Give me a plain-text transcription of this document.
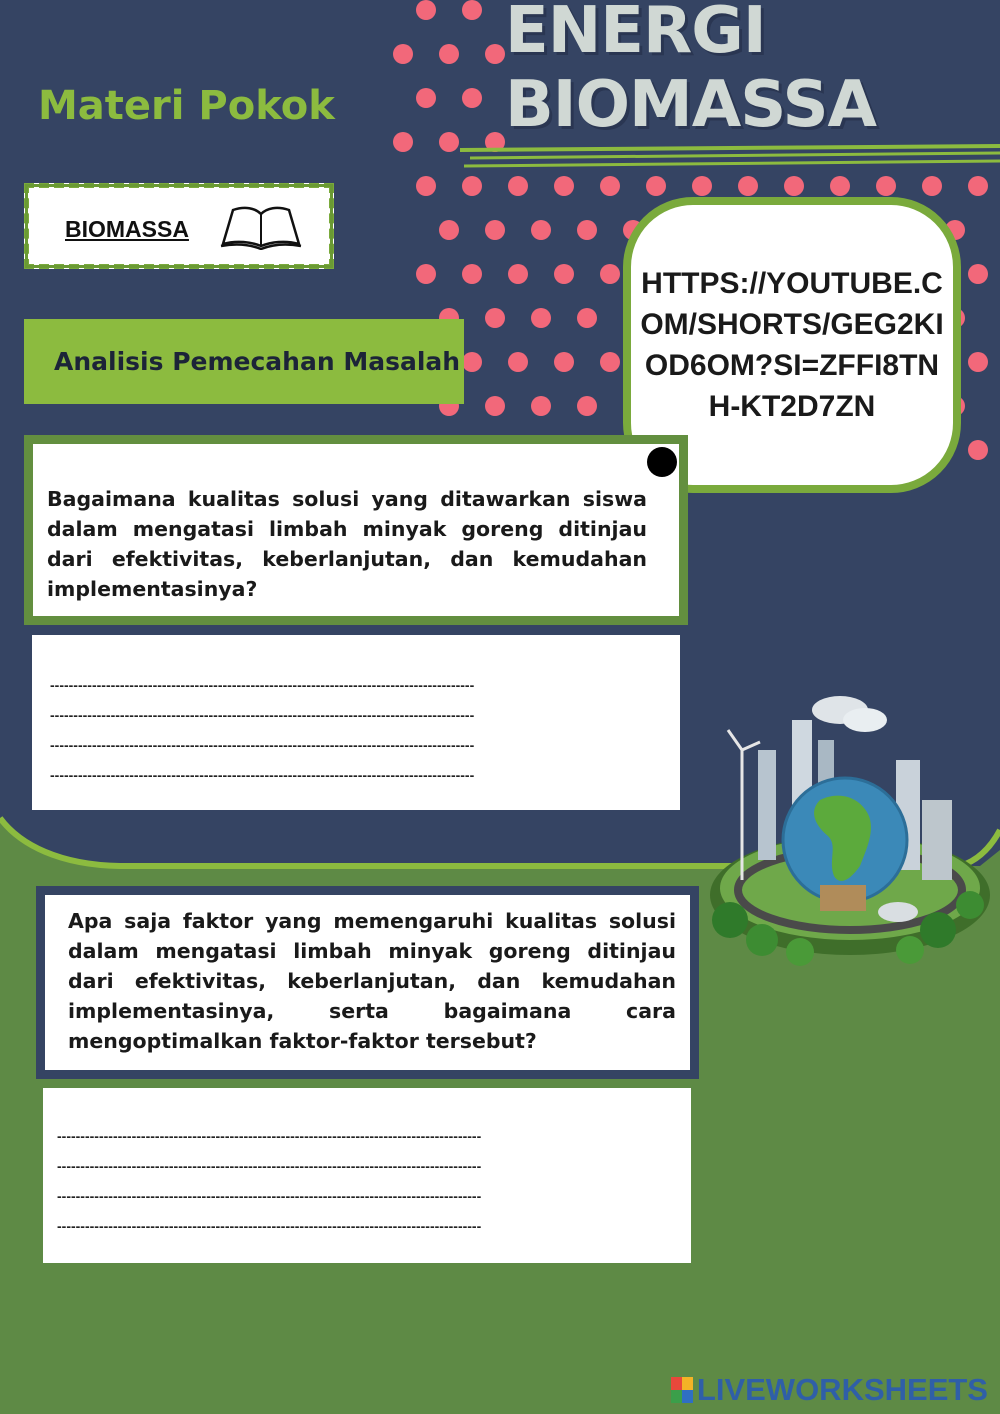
Materi Pokok
ENERGI
BIOMASSA
BIOMASSA
HTTPS://YOUTUBE.COM/SHORTS/GEG2KIOD6OM?SI=ZFFI8TNH-KT2D7ZN
Analisis Pemecahan Masalah

Bagaimana kualitas solusi yang ditawarkan siswa dalam mengatasi limbah minyak goreng ditinjau dari efektivitas, keberlanjutan, dan kemudahan implementasinya?

-------------------------------------------------------------------------------------------
-------------------------------------------------------------------------------------------
-------------------------------------------------------------------------------------------
-------------------------------------------------------------------------------------------

Apa saja faktor yang memengaruhi kualitas solusi dalam mengatasi limbah minyak goreng ditinjau dari efektivitas, keberlanjutan, dan kemudahan implementasinya, serta bagaimana cara mengoptimalkan faktor-faktor tersebut?

-------------------------------------------------------------------------------------------
-------------------------------------------------------------------------------------------
-------------------------------------------------------------------------------------------
-------------------------------------------------------------------------------------------
LIVEWORKSHEETS
